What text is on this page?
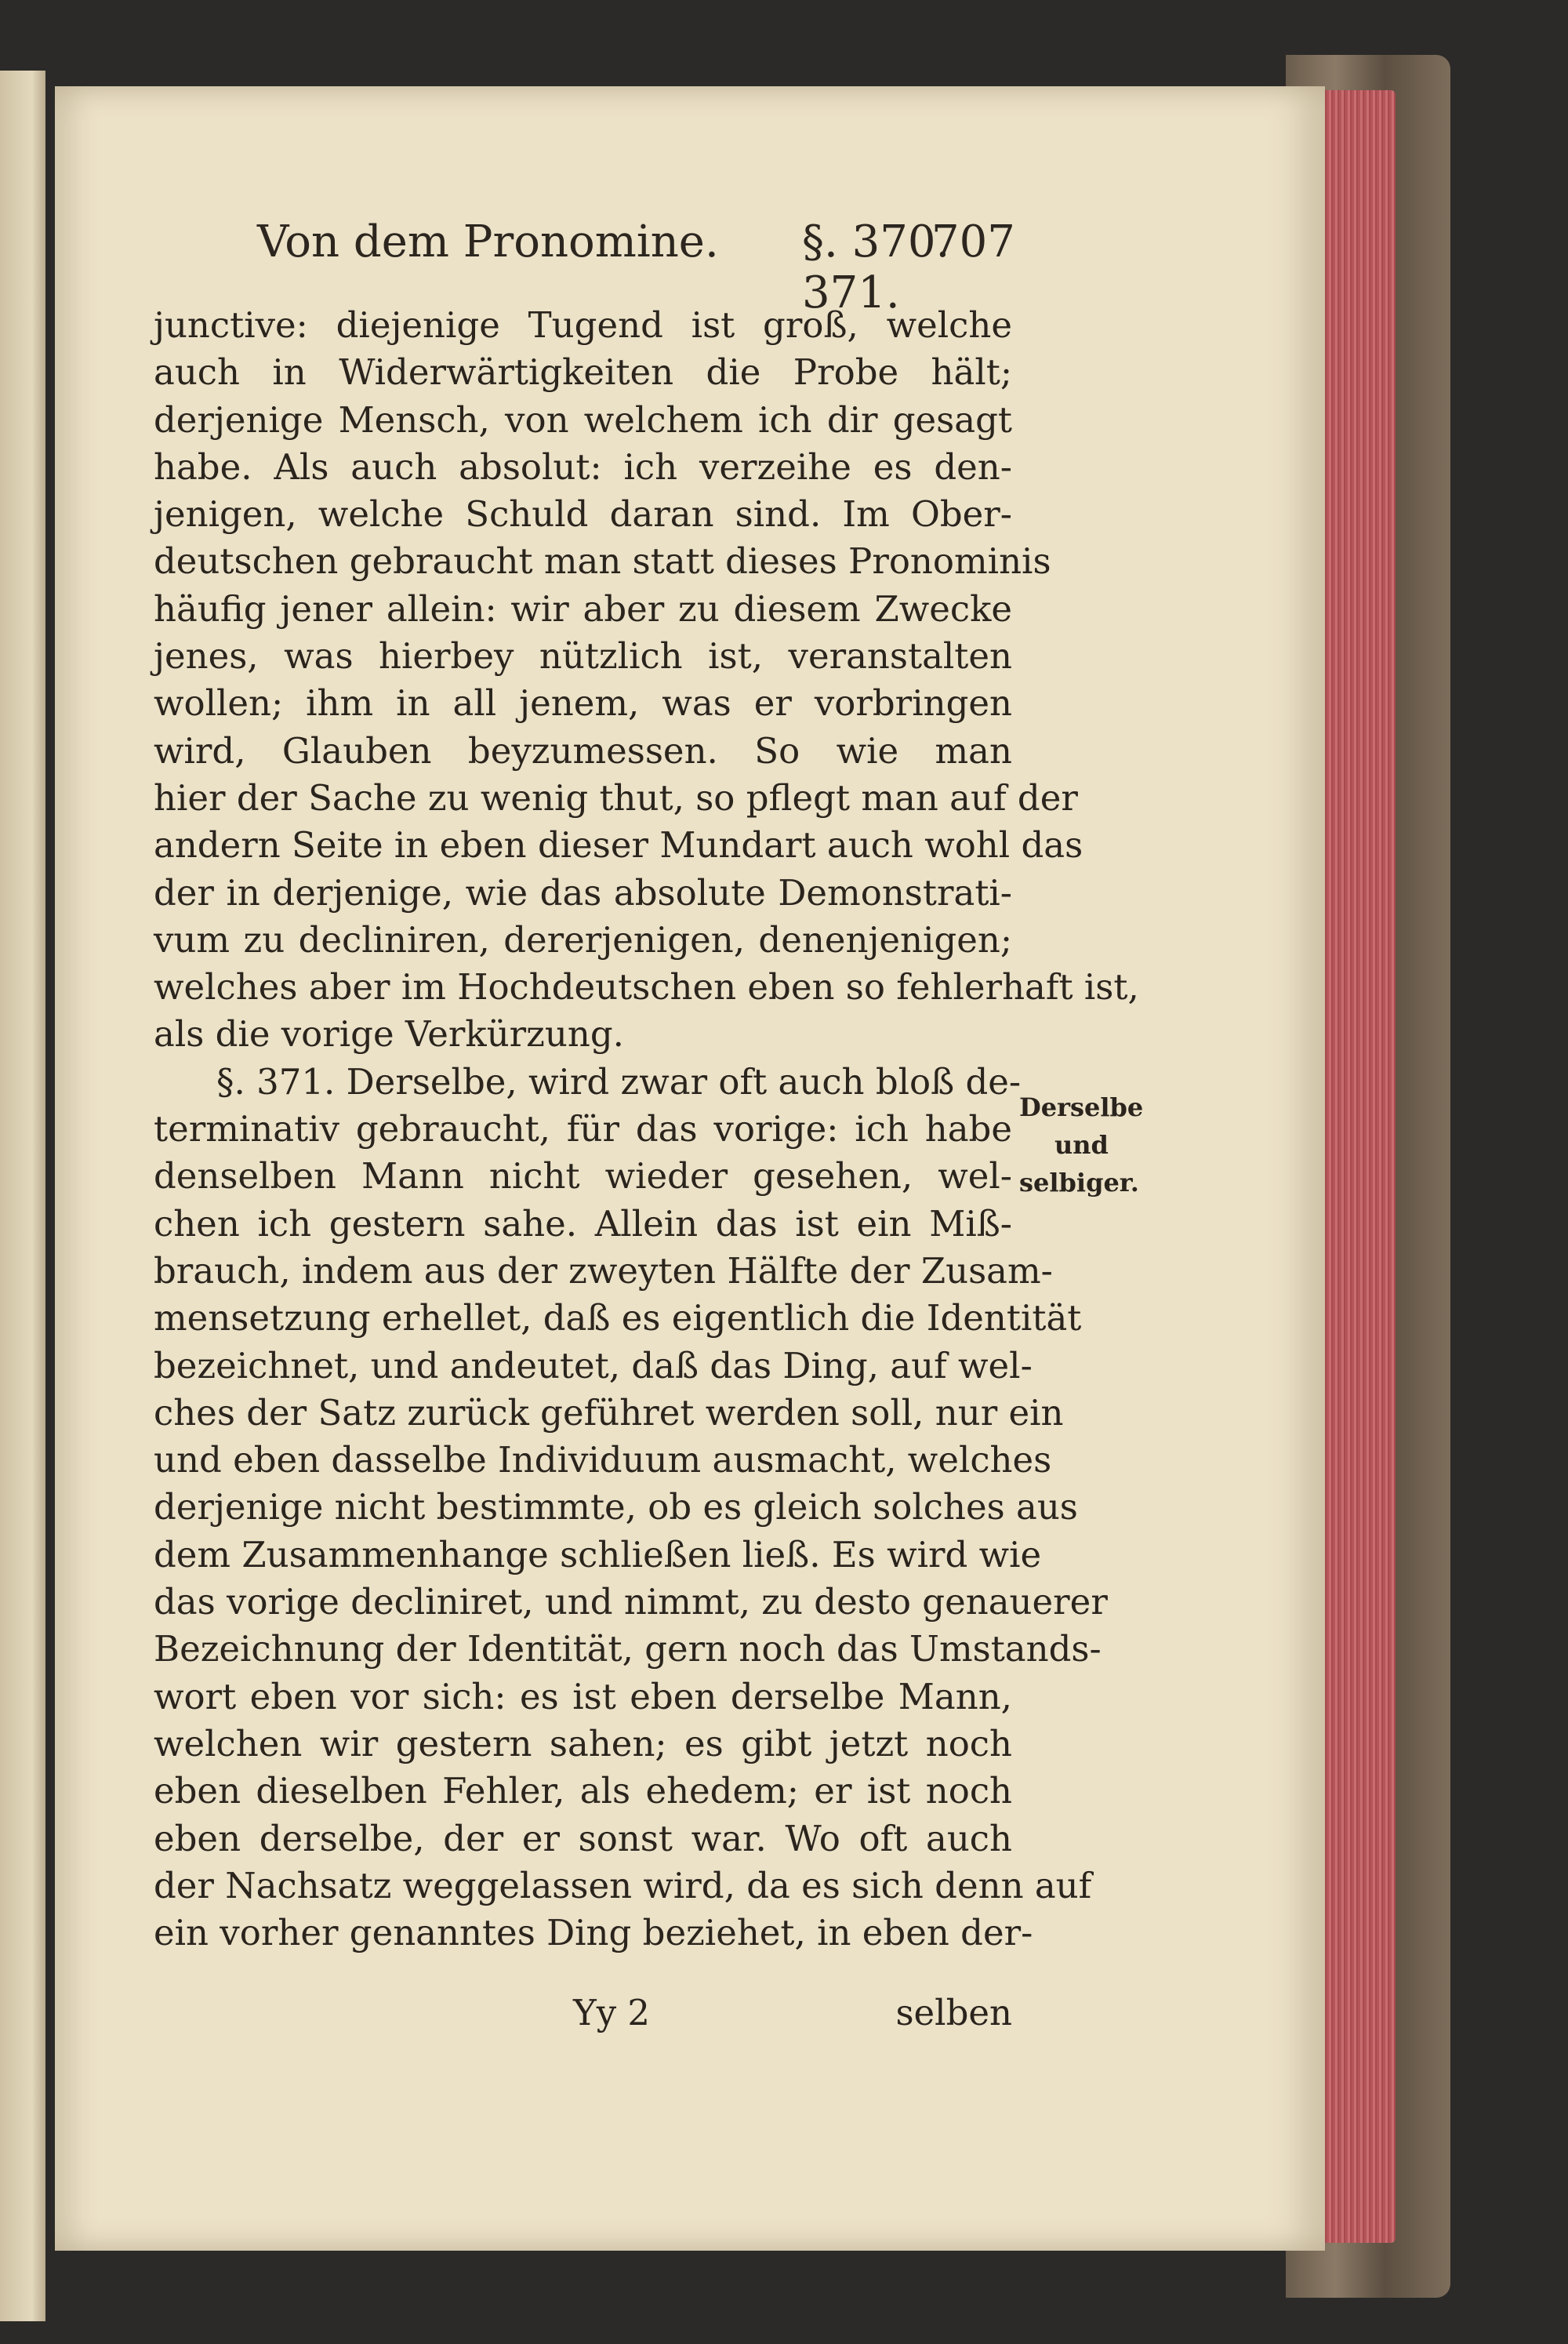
Von dem Pronomine. §. 370. 371.
707
junctive: diejenige Tugend ist groß, welche
auch in Widerwärtigkeiten die Probe hält;
derjenige Mensch, von welchem ich dir gesagt
habe. Als auch absolut: ich verzeihe es den-
jenigen, welche Schuld daran sind. Im Ober-
deutschen gebraucht man statt dieses Pronominis
häufig jener allein: wir aber zu diesem Zwecke
jenes, was hierbey nützlich ist, veranstalten
wollen; ihm in all jenem, was er vorbringen
wird, Glauben beyzumessen. So wie man
hier der Sache zu wenig thut, so pflegt man auf der
andern Seite in eben dieser Mundart auch wohl das
der in derjenige, wie das absolute Demonstrati-
vum zu decliniren, dererjenigen, denenjenigen;
welches aber im Hochdeutschen eben so fehlerhaft ist,
als die vorige Verkürzung.
§. 371. Derselbe, wird zwar oft auch bloß de-
terminativ gebraucht, für das vorige: ich habe
denselben Mann nicht wieder gesehen, wel-
chen ich gestern sahe. Allein das ist ein Miß-
brauch, indem aus der zweyten Hälfte der Zusam-
mensetzung erhellet, daß es eigentlich die Identität
bezeichnet, und andeutet, daß das Ding, auf wel-
ches der Satz zurück geführet werden soll, nur ein
und eben dasselbe Individuum ausmacht, welches
derjenige nicht bestimmte, ob es gleich solches aus
dem Zusammenhange schließen ließ. Es wird wie
das vorige decliniret, und nimmt, zu desto genauerer
Bezeichnung der Identität, gern noch das Umstands-
wort eben vor sich: es ist eben derselbe Mann,
welchen wir gestern sahen; es gibt jetzt noch
eben dieselben Fehler, als ehedem; er ist noch
eben derselbe, der er sonst war. Wo oft auch
der Nachsatz weggelassen wird, da es sich denn auf
ein vorher genanntes Ding beziehet, in eben der-
Derselbe
und
selbiger.
Yy 2	selben
